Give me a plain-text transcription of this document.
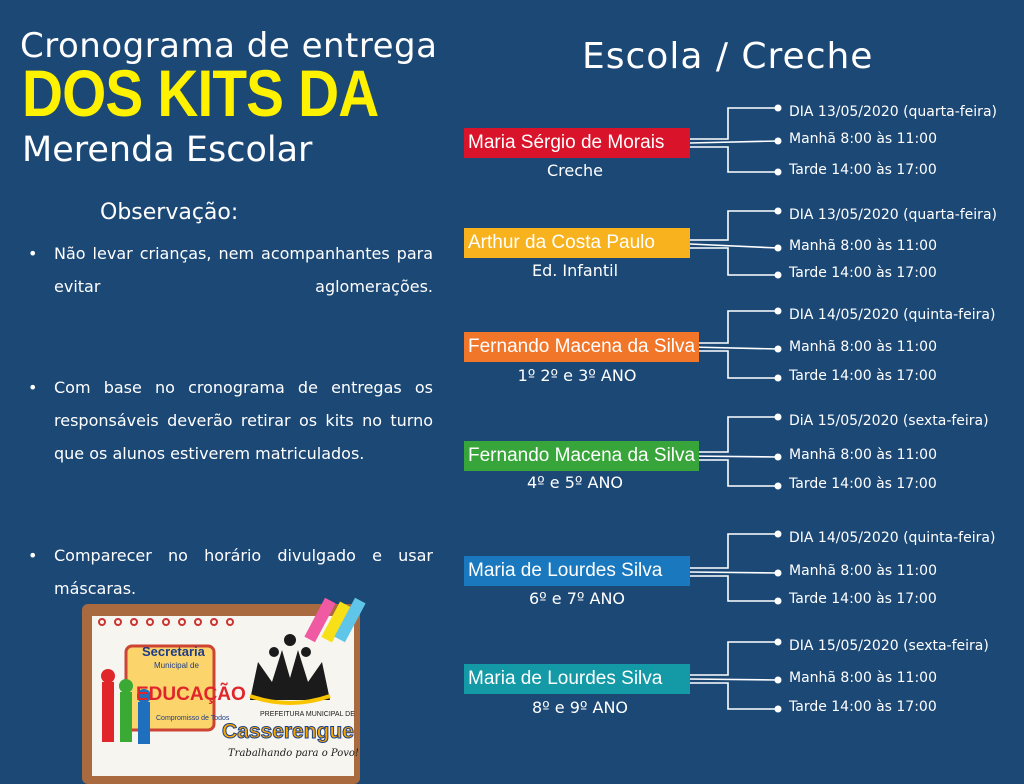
Cronograma de entrega
DOS KITS DA
Merenda Escolar
Escola / Creche
Observação:
• Não levar crianças, nem acompanhantes para evitar aglomerações.
• Com base no cronograma de entregas os responsáveis deverão retirar os kits no turno que os alunos estiverem matriculados.
• Comparecer no horário divulgado e usar máscaras.
Maria Sérgio de Morais
Creche
DIA 13/05/2020 (quarta-feira)
Manhã 8:00 às 11:00
Tarde 14:00 às 17:00
Arthur da Costa Paulo
Ed. Infantil
DIA 13/05/2020 (quarta-feira)
Manhã 8:00 às 11:00
Tarde 14:00 às 17:00
Fernando Macena da Silva
1º 2º e 3º ANO
DIA 14/05/2020 (quinta-feira)
Manhã 8:00 às 11:00
Tarde 14:00 às 17:00
Fernando Macena da Silva
4º e 5º ANO
DiA 15/05/2020 (sexta-feira)
Manhã 8:00 às 11:00
Tarde 14:00 às 17:00
Maria de Lourdes Silva
6º e 7º ANO
DIA 14/05/2020 (quinta-feira)
Manhã 8:00 às 11:00
Tarde 14:00 às 17:00
Maria de Lourdes Silva
8º e 9º ANO
DIA 15/05/2020 (sexta-feira)
Manhã 8:00 às 11:00
Tarde 14:00 às 17:00
Secretaria
Municipal de
EDUCAÇÃO
Compromisso de Todos
PREFEITURA MUNICIPAL DE
Casserengue
Trabalhando para o Povo!
